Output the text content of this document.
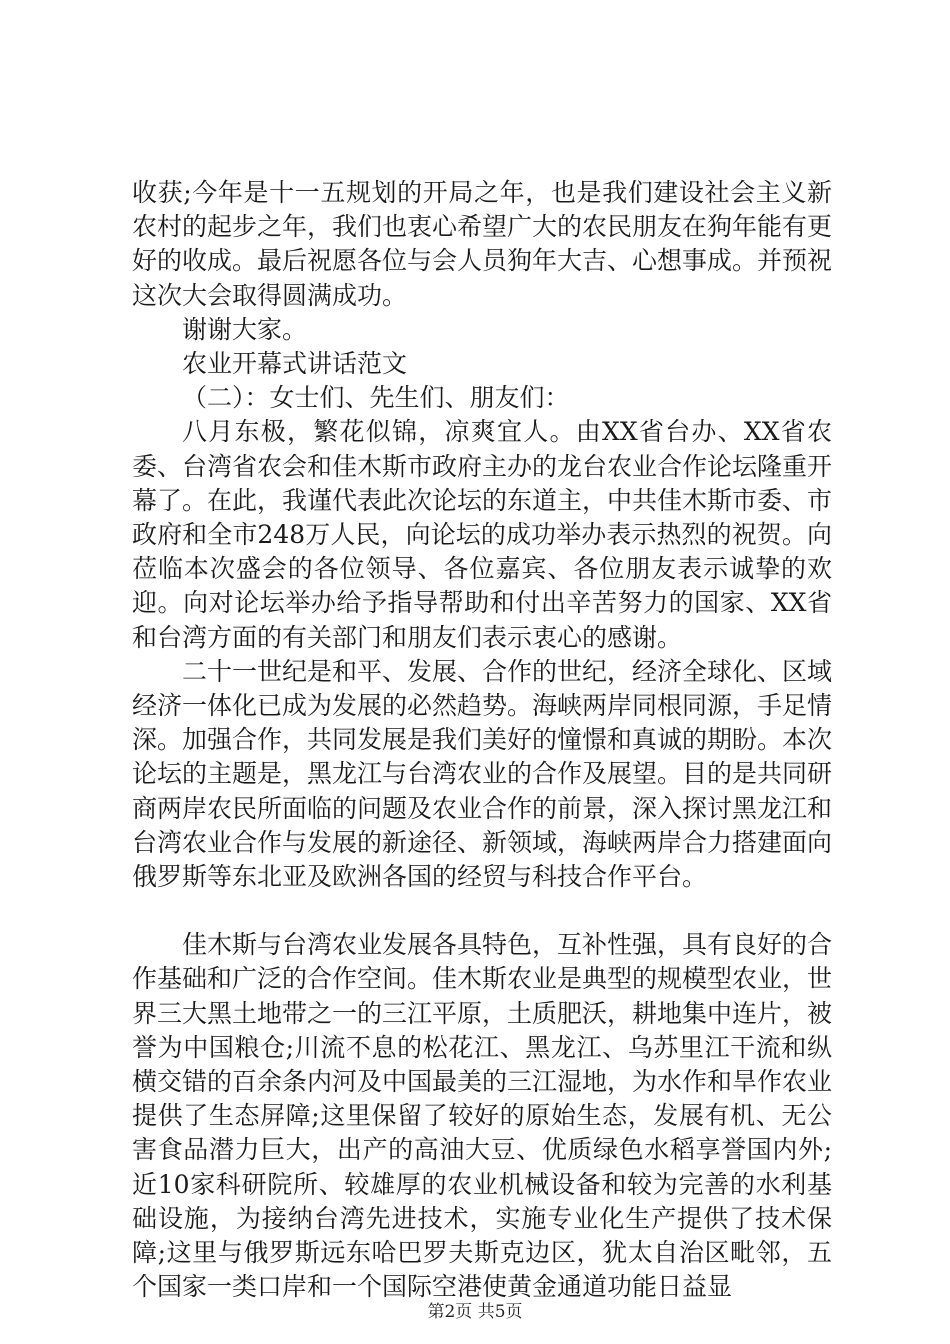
收获;今年是十一五规划的开局之年，也是我们建设社会主义新农村的起步之年，我们也衷心希望广大的农民朋友在狗年能有更好的收成。最后祝愿各位与会人员狗年大吉、心想事成。并预祝这次大会取得圆满成功。

谢谢大家。

农业开幕式讲话范文

（二）：女士们、先生们、朋友们：

八月东极，繁花似锦，凉爽宜人。由XX省台办、XX省农委、台湾省农会和佳木斯市政府主办的龙台农业合作论坛隆重开幕了。在此，我谨代表此次论坛的东道主，中共佳木斯市委、市政府和全市248万人民，向论坛的成功举办表示热烈的祝贺。向莅临本次盛会的各位领导、各位嘉宾、各位朋友表示诚挚的欢迎。向对论坛举办给予指导帮助和付出辛苦努力的国家、XX省和台湾方面的有关部门和朋友们表示衷心的感谢。

二十一世纪是和平、发展、合作的世纪，经济全球化、区域经济一体化已成为发展的必然趋势。海峡两岸同根同源，手足情深。加强合作，共同发展是我们美好的憧憬和真诚的期盼。本次论坛的主题是，黑龙江与台湾农业的合作及展望。目的是共同研商两岸农民所面临的问题及农业合作的前景，深入探讨黑龙江和台湾农业合作与发展的新途径、新领域，海峡两岸合力搭建面向俄罗斯等东北亚及欧洲各国的经贸与科技合作平台。

佳木斯与台湾农业发展各具特色，互补性强，具有良好的合作基础和广泛的合作空间。佳木斯农业是典型的规模型农业，世界三大黑土地带之一的三江平原，土质肥沃，耕地集中连片，被誉为中国粮仓;川流不息的松花江、黑龙江、乌苏里江干流和纵横交错的百余条内河及中国最美的三江湿地，为水作和旱作农业提供了生态屏障;这里保留了较好的原始生态，发展有机、无公害食品潜力巨大，出产的高油大豆、优质绿色水稻享誉国内外;近10家科研院所、较雄厚的农业机械设备和较为完善的水利基础设施，为接纳台湾先进技术，实施专业化生产提供了技术保障;这里与俄罗斯远东哈巴罗夫斯克边区，犹太自治区毗邻，五个国家一类口岸和一个国际空港使黄金通道功能日益显

第2页 共5页
